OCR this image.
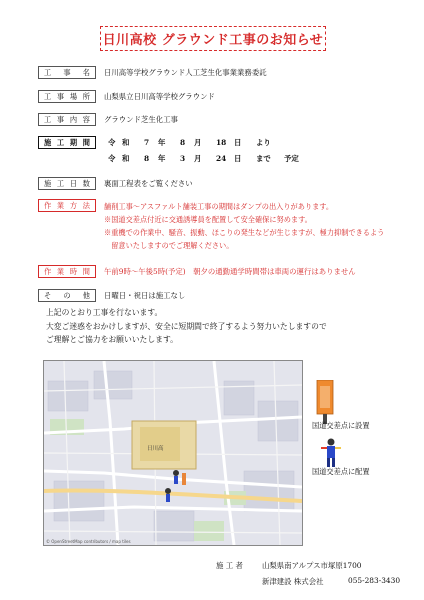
日川高校 グラウンド工事のお知らせ
工 事 名 日川高等学校グラウンド人工芝生化事業業務委託
工 事 場 所 山梨県立日川高等学校グラウンド
工 事 内 容 グラウンド芝生化工事
施 工 期 間 令 和	7	年	8	月	18	日	より
令 和	8	年	3	月	24	日	まで	予定
施 工 日 数 裏面工程表をご覧ください
作 業 方 法 舗削工事～アスファルト舗装工事の期間はダンプの出入りがあります。
※国道交差点付近に交通誘導員を配置して安全確保に努めます。
※重機での作業中、騒音、振動、ほこりの発生などが生じますが、極力抑制できるよう
　留意いたしますのでご理解ください。
作 業 時 間 午前9時～午後5時(予定)　朝夕の通勤通学時間帯は車両の運行はありません
そ の 他 日曜日・祝日は施工なし
上記のとおり工事を行ないます。
大変ご迷惑をおかけしますが、安全に短期間で終了するよう努力いたしますので
ご理解とご協力をお願いいたします。
日川高
© OpenStreetMap contributors / map tiles
国道交差点に設置
国道交差点に配置
施 工 者	山梨県南アルプス市塚原1700
新津建設 株式会社	055-283-3430
